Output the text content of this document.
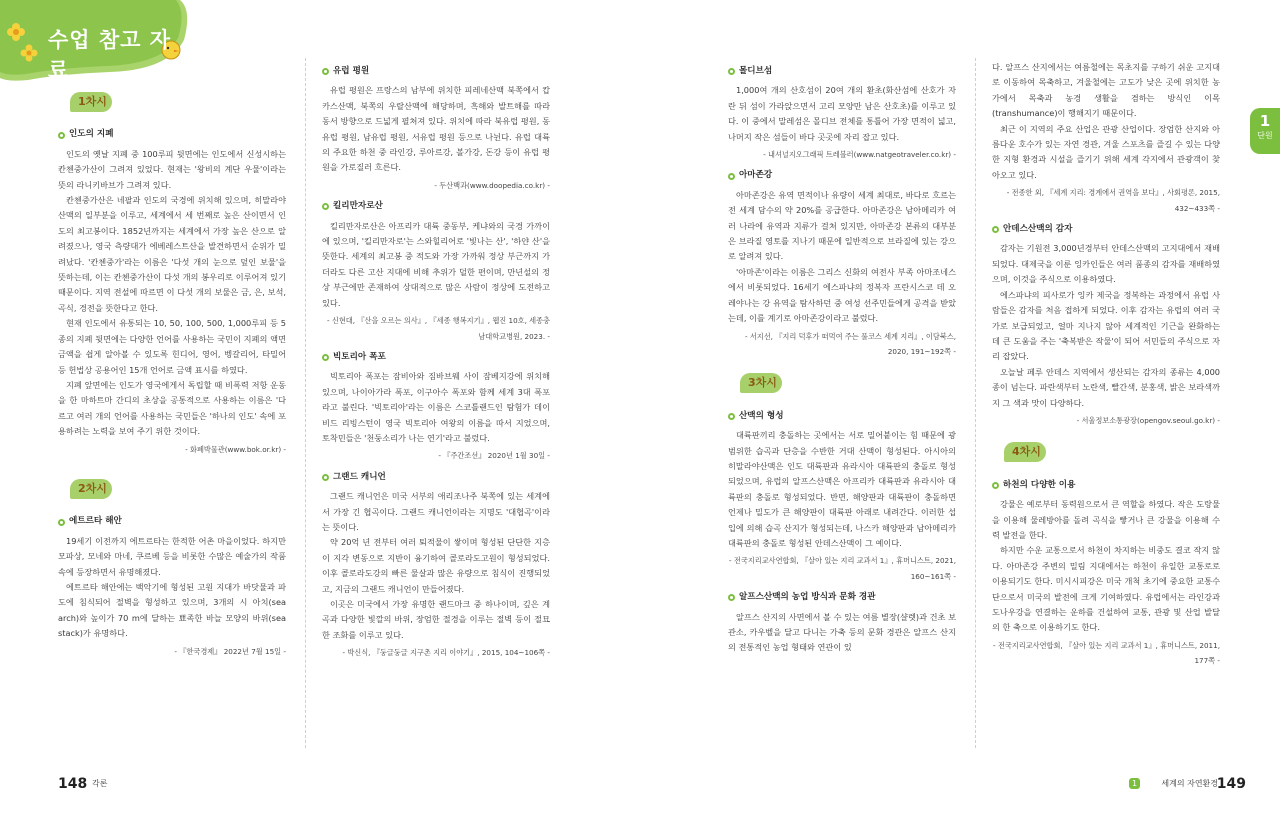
수업 참고 자료
1
단원
1차시
인도의 지폐

인도의 옛날 지폐 중 100루피 뒷면에는 인도에서 신성시하는 칸첸중가산이 그려져 있었다. 현재는 '왕비의 계단 우물'이라는 뜻의 라니키바브가 그려져 있다.

칸첸중가산은 네팔과 인도의 국경에 위치해 있으며, 히말라야산맥의 일부분을 이루고, 세계에서 세 번째로 높은 산이면서 인도의 최고봉이다. 1852년까지는 세계에서 가장 높은 산으로 알려졌으나, 영국 측량대가 에베레스트산을 발견하면서 순위가 밀려났다. '칸첸중가'라는 이름은 '다섯 개의 눈으로 덮인 보물'을 뜻하는데, 이는 칸첸중가산이 다섯 개의 봉우리로 이루어져 있기 때문이다. 지역 전설에 따르면 이 다섯 개의 보물은 금, 은, 보석, 곡식, 경전을 뜻한다고 한다.

현재 인도에서 유통되는 10, 50, 100, 500, 1,000루피 등 5종의 지폐 뒷면에는 다양한 언어를 사용하는 국민이 지폐의 액면 금액을 쉽게 알아볼 수 있도록 힌디어, 영어, 벵갈리어, 타밀어 등 헌법상 공용어인 15개 언어로 금액 표시를 하였다.

지폐 앞면에는 인도가 영국에게서 독립할 때 비폭력 저항 운동을 한 마하트마 간디의 초상을 공통적으로 사용하는 이름은 '다르고 여러 개의 언어를 사용하는 국민들은 '하나의 인도' 속에 포용하려는 노력을 보여 주기 위한 것이다.

- 화폐박물관(www.bok.or.kr) -
2차시
에트르타 해안

19세기 이전까지 에트르타는 한적한 어촌 마을이었다. 하지만 모파상, 모네와 마네, 쿠르베 등을 비롯한 수많은 예술가의 작품 속에 등장하면서 유명해졌다.

에트르타 해안에는 백악기에 형성된 고원 지대가 바닷물과 파도에 침식되어 절벽을 형성하고 있으며, 3개의 시 아치(sea arch)와 높이가 70 m에 달하는 뾰족한 바늘 모양의 바위(sea stack)가 유명하다.

- 『한국경제』 2022년 7월 15일 -
유럽 평원

유럽 평원은 프랑스의 남부에 위치한 피레네산맥 북쪽에서 캅카스산맥, 북쪽의 우랄산맥에 해당하며, 흑해와 발트해를 따라 동서 방향으로 드넓게 펼쳐져 있다. 위치에 따라 북유럽 평원, 동유럽 평원, 남유럽 평원, 서유럽 평원 등으로 나뉜다. 유럽 대륙의 주요한 하천 중 라인강, 루아르강, 볼가강, 돈강 등이 유럽 평원을 가로질러 흐른다.

- 두산백과(www.doopedia.co.kr) -
킬리만자로산

킬리만자로산은 아프리카 대륙 중동부, 케냐와의 국경 가까이에 있으며, '킬리만자로'는 스와힐리어로 '빛나는 산', '하얀 산'을 뜻한다. 세계의 최고봉 중 적도와 가장 가까워 정상 부근까지 가더라도 다른 고산 지대에 비해 추위가 덜한 편이며, 만년설의 정상 부근에만 존재하여 상대적으로 많은 사람이 정상에 도전하고 있다.

- 신현대, 『산을 오르는 의사』, 『세종 행복지기』, 웹진 10호, 세종충남대학교병원, 2023. -
빅토리아 폭포

빅토리아 폭포는 잠비아와 짐바브웨 사이 잠베지강에 위치해 있으며, 나이아가라 폭포, 이구아수 폭포와 함께 세계 3대 폭포라고 불린다. '빅토리아'라는 이름은 스코틀랜드인 탐험가 데이비드 리빙스턴이 영국 빅토리아 여왕의 이름을 따서 지었으며, 토착민들은 '천둥소리가 나는 연기'라고 불렀다.

- 『주간조선』 2020년 1월 30일 -
그랜드 캐니언

그랜드 캐니언은 미국 서부의 애리조나주 북쪽에 있는 세계에서 가장 긴 협곡이다. 그랜드 캐니언이라는 지명도 '대협곡'이라는 뜻이다.

약 20억 년 전부터 여러 퇴적물이 쌓이며 형성된 단단한 지층이 지각 변동으로 지반이 융기하여 콜로라도고원이 형성되었다. 이후 콜로라도강의 빠른 물살과 많은 유량으로 침식이 진행되었고, 지금의 그랜드 캐니언이 만들어졌다.

이곳은 미국에서 가장 유명한 랜드마크 중 하나이며, 깊은 계곡과 다양한 빛깔의 바위, 장엄한 절경을 이루는 절벽 등이 절묘한 조화를 이루고 있다.

- 박신식, 『둥글둥글 지구촌 지리 이야기』, 2015, 104~106쪽 -
몰디브섬

1,000여 개의 산호섬이 20여 개의 환초(화산섬에 산호가 자란 뒤 섬이 가라앉으면서 고리 모양만 남은 산호초)를 이루고 있다. 이 중에서 말레섬은 몰디브 전체를 통틀어 가장 면적이 넓고, 나머지 작은 섬들이 바다 곳곳에 자리 잡고 있다.

- 내셔널지오그래픽 트레블러(www.natgeotraveler.co.kr) -
아마존강

아마존강은 유역 면적이나 유량이 세계 최대로, 바다로 흐르는 전 세계 담수의 약 20%를 공급한다. 아마존강은 남아메리카 여러 나라에 유역과 지류가 걸쳐 있지만, 아마존강 본류의 대부분은 브라질 영토를 지나기 때문에 일반적으로 브라질에 있는 강으로 알려져 있다.

'아마존'이라는 이름은 그리스 신화의 여전사 부족 아마조네스에서 비롯되었다. 16세기 에스파냐의 정복자 프란시스코 데 오레야나는 강 유역을 탐사하던 중 여성 선주민들에게 공격을 받았는데, 이를 계기로 아마존강이라고 불렀다.

- 서지선, 『지리 덕후가 떠먹여 주는 풀코스 세계 지리』, 이담북스, 2020, 191~192쪽 -
3차시
산맥의 형성

대륙판끼리 충돌하는 곳에서는 서로 밀어붙이는 힘 때문에 광범위한 습곡과 단층을 수반한 거대 산맥이 형성된다. 아시아의 히말라야산맥은 인도 대륙판과 유라시아 대륙판의 충돌로 형성되었으며, 유럽의 알프스산맥은 아프리카 대륙판과 유라시아 대륙판의 충돌로 형성되었다. 반면, 해양판과 대륙판이 충돌하면 언제나 밀도가 큰 해양판이 대륙판 아래로 내려간다. 이러한 섭입에 의해 습곡 산지가 형성되는데, 나스카 해양판과 남아메리카 대륙판의 충돌로 형성된 안데스산맥이 그 예이다.

- 전국지리교사연합회, 『살아 있는 지리 교과서 1』, 휴머니스트, 2021, 160~161쪽 -
알프스산맥의 농업 방식과 문화 경관

알프스 산지의 사면에서 볼 수 있는 여름 별장(샬렛)과 건초 보관소, 카우벨을 달고 다니는 가축 등의 문화 경관은 알프스 산지의 전통적인 농업 형태와 연관이 있

다. 알프스 산지에서는 여름철에는 목초지를 구하기 쉬운 고지대로 이동하여 목축하고, 겨울철에는 고도가 낮은 곳에 위치한 농가에서 목축과 농경 생활을 겸하는 방식인 이목(transhumance)이 행해지기 때문이다.

최근 이 지역의 주요 산업은 관광 산업이다. 장엄한 산지와 아름다운 호수가 있는 자연 경관, 겨울 스포츠를 즐길 수 있는 다양한 지형 환경과 시설을 즐기기 위해 세계 각지에서 관광객이 찾아오고 있다.

- 전종한 외, 『세계 지리: 경계에서 권역을 보다』, 사회평론, 2015, 432~433쪽 -
안데스산맥의 감자

감자는 기원전 3,000년경부터 안데스산맥의 고지대에서 재배되었다. 대제국을 이룬 잉카인들은 여러 품종의 감자를 재배하였으며, 이것을 주식으로 이용하였다.

에스파냐의 피사로가 잉카 제국을 정복하는 과정에서 유럽 사람들은 감자를 처음 접하게 되었다. 이후 감자는 유럽의 여러 국가로 보급되었고, 얼마 지나지 않아 세계적인 기근을 완화하는 데 큰 도움을 주는 '축복받은 작물'이 되어 서민들의 주식으로 자리 잡았다.

오늘날 페루 안데스 지역에서 생산되는 감자의 종류는 4,000종이 넘는다. 파란색부터 노란색, 빨간색, 분홍색, 밝은 보라색까지 그 색과 맛이 다양하다.

- 서울정보소통광장(opengov.seoul.go.kr) -
4차시
하천의 다양한 이용

강물은 예로부터 동력원으로서 큰 역할을 하였다. 작은 도랑물을 이용해 물레방아를 돌려 곡식을 빻거나 큰 강물을 이용해 수력 발전을 한다.

하지만 수운 교통으로서 하천이 차지하는 비중도 결코 작지 않다. 아마존강 주변의 밀림 지대에서는 하천이 유일한 교통로로 이용되기도 한다. 미시시피강은 미국 개척 초기에 중요한 교통수단으로서 미국의 발전에 크게 기여하였다. 유럽에서는 라인강과 도나우강을 연결하는 운하를 건설하여 교통, 관광 및 산업 발달의 한 축으로 이용하기도 한다.

- 전국지리교사연합회, 『살아 있는 지리 교과서 1』, 휴머니스트, 2011, 177쪽 -
148 각론	1	세계의 자연환경
149
